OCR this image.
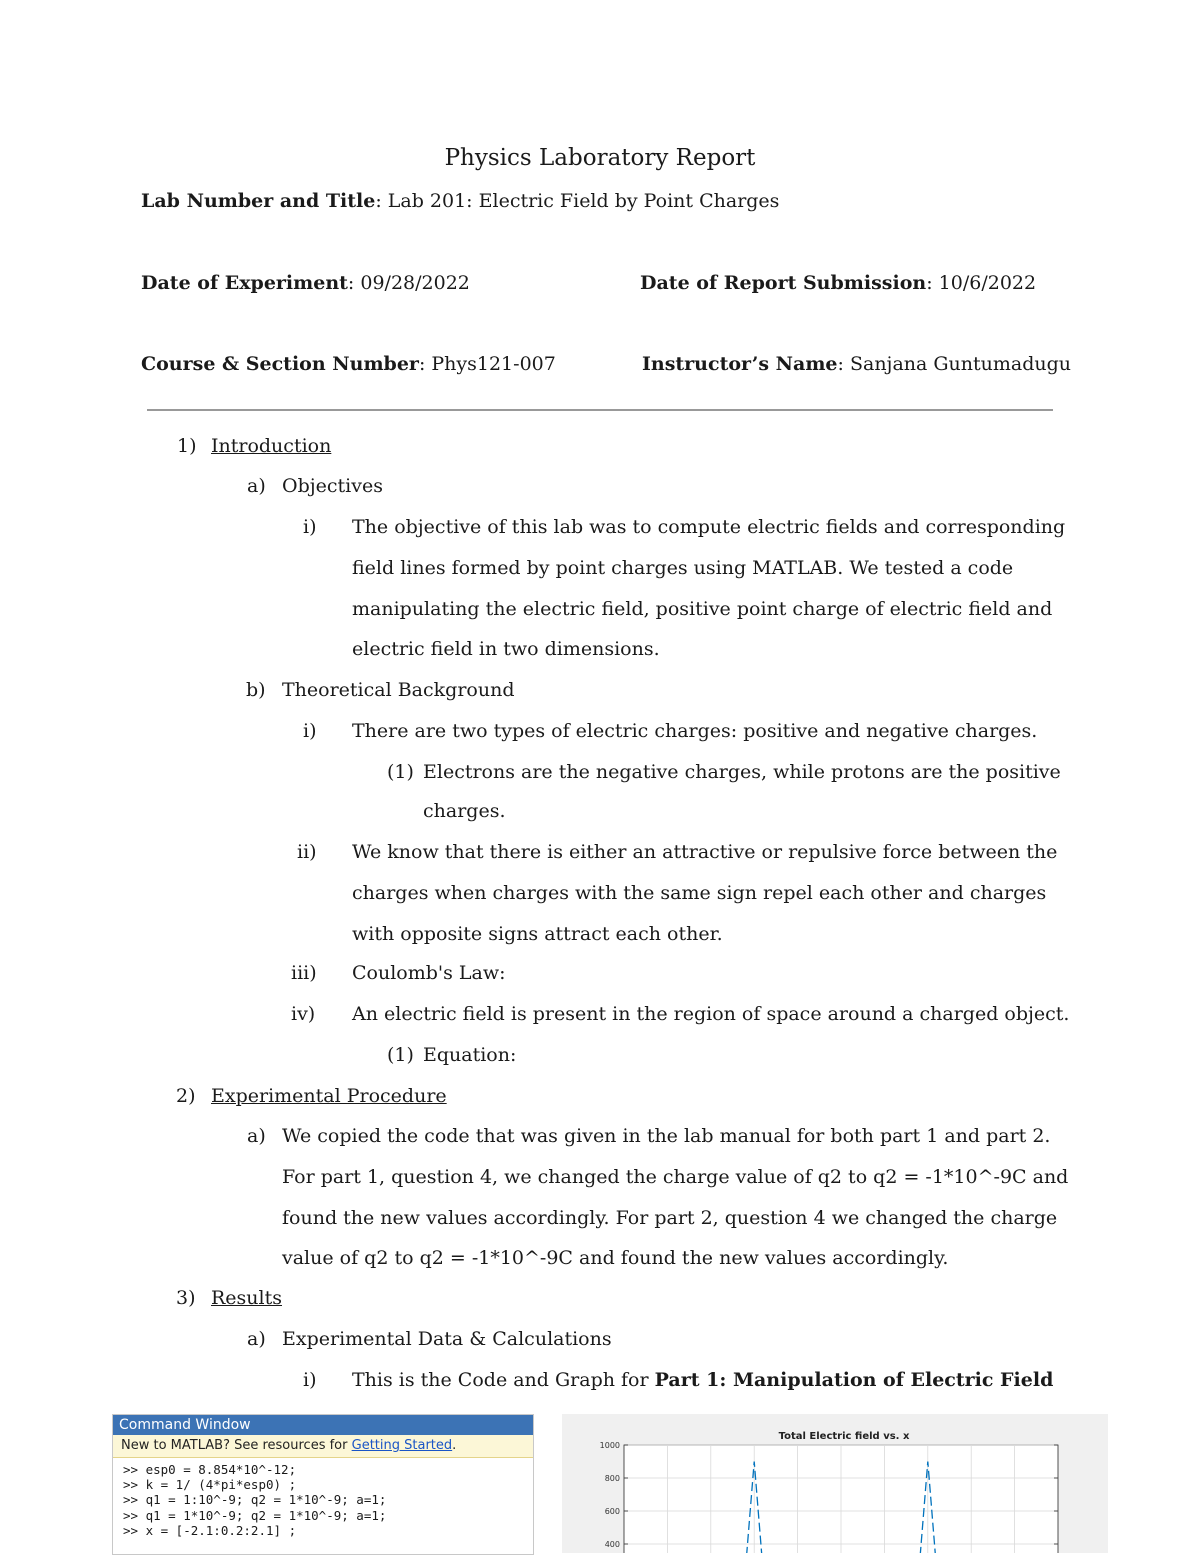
Physics Laboratory Report
Lab Number and Title: Lab 201: Electric Field by Point Charges
Date of Experiment: 09/28/2022	Date of Report Submission: 10/6/2022
Course & Section Number: Phys121-007	Instructor’s Name: Sanjana Guntumadugu
1) Introduction
a) Objectives
i) The objective of this lab was to compute electric fields and corresponding
field lines formed by point charges using MATLAB. We tested a code
manipulating the electric field, positive point charge of electric field and
electric field in two dimensions.
b) Theoretical Background
i) There are two types of electric charges: positive and negative charges.
(1) Electrons are the negative charges, while protons are the positive
charges.
ii) We know that there is either an attractive or repulsive force between the
charges when charges with the same sign repel each other and charges
with opposite signs attract each other.
iii) Coulomb's Law:
iv) An electric field is present in the region of space around a charged object.
(1) Equation:
2) Experimental Procedure
a) We copied the code that was given in the lab manual for both part 1 and part 2.
For part 1, question 4, we changed the charge value of q2 to q2 = -1*10^-9C and
found the new values accordingly. For part 2, question 4 we changed the charge
value of q2 to q2 = -1*10^-9C and found the new values accordingly.
3) Results
a) Experimental Data & Calculations
i) This is the Code and Graph for Part 1: Manipulation of Electric Field
Command Window
New to MATLAB? See resources for Getting Started.
>> esp0 = 8.854*10^-12;
>> k = 1/ (4*pi*esp0) ;
>> q1 = 1:10^-9; q2 = 1*10^-9; a=1;
>> q1 = 1*10^-9; q2 = 1*10^-9; a=1;
>> x = [-2.1:0.2:2.1] ;
1000
800
600
400
Total Electric field vs. x
